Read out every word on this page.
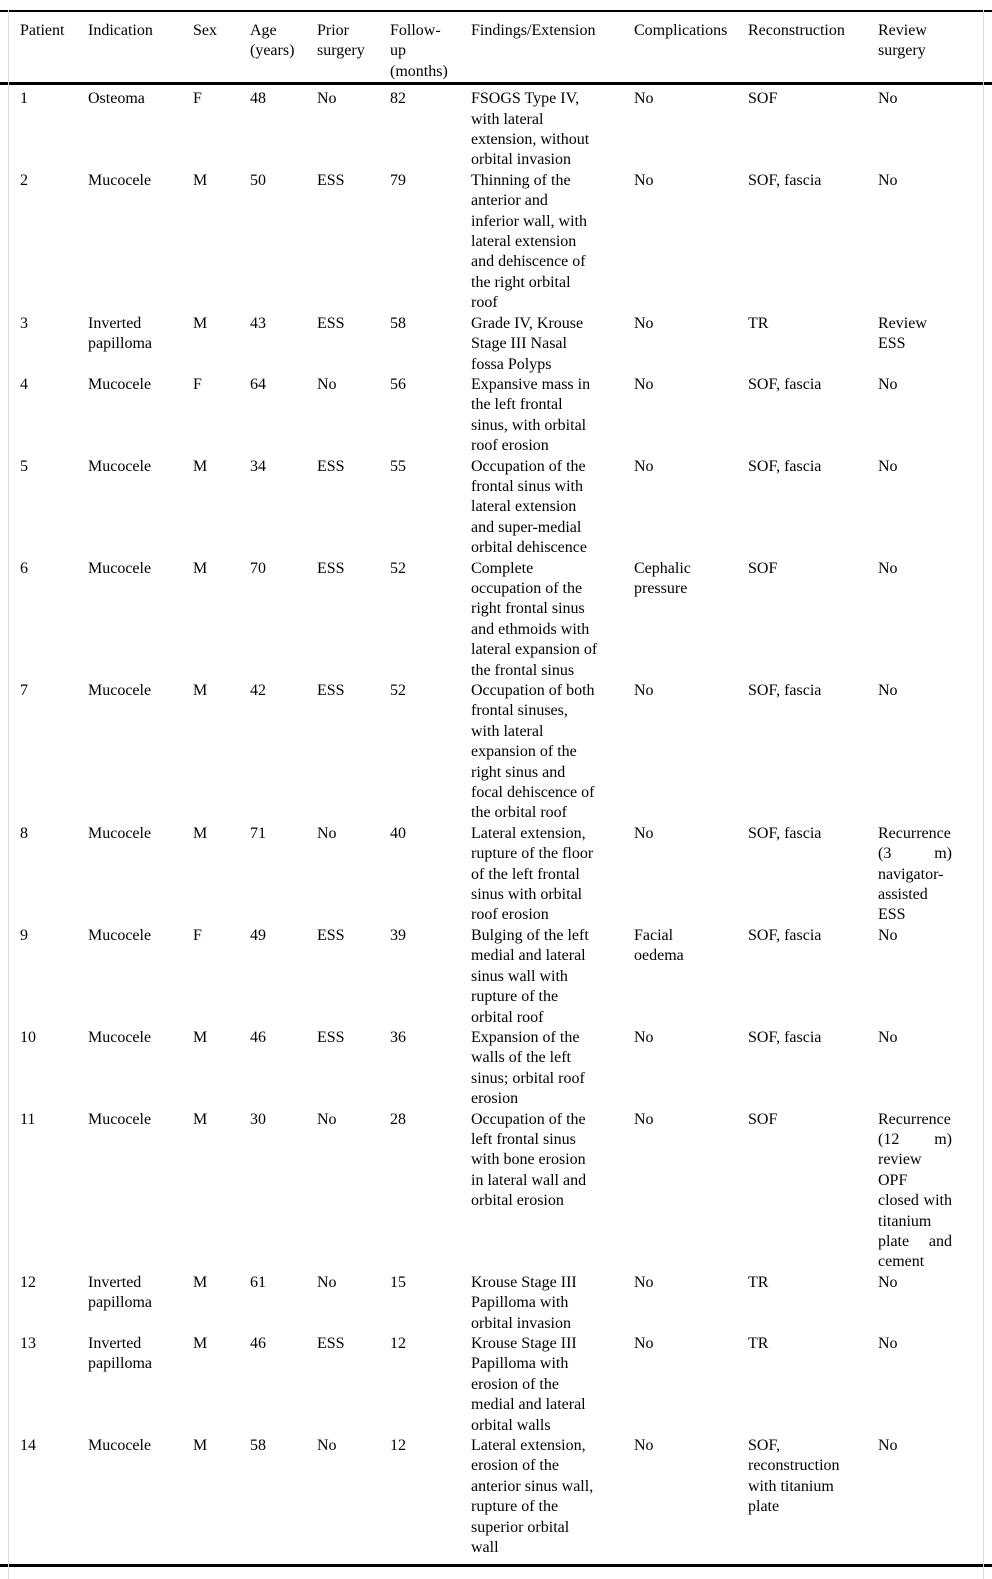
Patient	Indication	Sex	Age (years)	Prior surgery	Follow-up (months)	Findings/Extension	Complications	Reconstruction	Review surgery
1	Osteoma	F	48	No	82	FSOGS Type IV, with lateral extension, without orbital invasion	No	SOF	No
2	Mucocele	M	50	ESS	79	Thinning of the anterior and inferior wall, with lateral extension and dehiscence of the right orbital roof	No	SOF, fascia	No
3	Inverted papilloma	M	43	ESS	58	Grade IV, Krouse Stage III Nasal fossa Polyps	No	TR	Review ESS
4	Mucocele	F	64	No	56	Expansive mass in the left frontal sinus, with orbital roof erosion	No	SOF, fascia	No
5	Mucocele	M	34	ESS	55	Occupation of the frontal sinus with lateral extension and super-medial orbital dehiscence	No	SOF, fascia	No
6	Mucocele	M	70	ESS	52	Complete occupation of the right frontal sinus and ethmoids with lateral expansion of the frontal sinus	Cephalic pressure	SOF	No
7	Mucocele	M	42	ESS	52	Occupation of both frontal sinuses, with lateral expansion of the right sinus and focal dehiscence of the orbital roof	No	SOF, fascia	No
8	Mucocele	M	71	No	40	Lateral extension, rupture of the floor of the left frontal sinus with orbital roof erosion	No	SOF, fascia	Recurrence (3 m) navigator-assisted ESS
9	Mucocele	F	49	ESS	39	Bulging of the left medial and lateral sinus wall with rupture of the orbital roof	Facial oedema	SOF, fascia	No
10	Mucocele	M	46	ESS	36	Expansion of the walls of the left sinus; orbital roof erosion	No	SOF, fascia	No
11	Mucocele	M	30	No	28	Occupation of the left frontal sinus with bone erosion in lateral wall and orbital erosion	No	SOF	Recurrence (12 m) review OPF closed with titanium plate and cement
12	Inverted papilloma	M	61	No	15	Krouse Stage III Papilloma with orbital invasion	No	TR	No
13	Inverted papilloma	M	46	ESS	12	Krouse Stage III Papilloma with erosion of the medial and lateral orbital walls	No	TR	No
14	Mucocele	M	58	No	12	Lateral extension, erosion of the anterior sinus wall, rupture of the superior orbital wall	No	SOF, reconstruction with titanium plate	No
